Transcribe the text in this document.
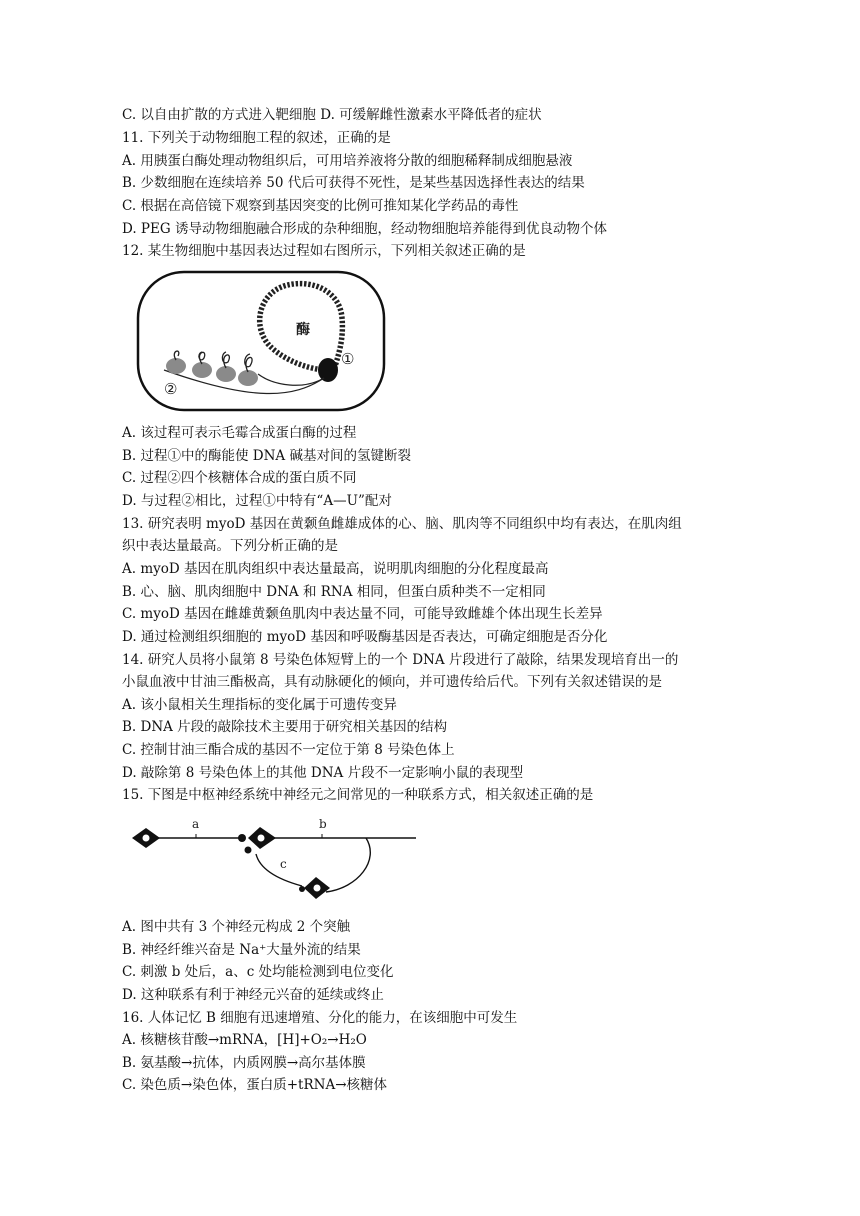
C. 以自由扩散的方式进入靶细胞 D. 可缓解雌性激素水平降低者的症状
11. 下列关于动物细胞工程的叙述，正确的是
A. 用胰蛋白酶处理动物组织后，可用培养液将分散的细胞稀释制成细胞悬液
B. 少数细胞在连续培养 50 代后可获得不死性，是某些基因选择性表达的结果
C. 根据在高倍镜下观察到基因突变的比例可推知某化学药品的毒性
D. PEG 诱导动物细胞融合形成的杂种细胞，经动物细胞培养能得到优良动物个体
12. 某生物细胞中基因表达过程如右图所示，下列相关叙述正确的是
酶
①
②
A. 该过程可表示毛霉合成蛋白酶的过程
B. 过程①中的酶能使 DNA 碱基对间的氢键断裂
C. 过程②四个核糖体合成的蛋白质不同
D. 与过程②相比，过程①中特有“A—U”配对
13. 研究表明 myoD 基因在黄颡鱼雌雄成体的心、脑、肌肉等不同组织中均有表达，在肌肉组
织中表达量最高。下列分析正确的是
A. myoD 基因在肌肉组织中表达量最高，说明肌肉细胞的分化程度最高
B. 心、脑、肌肉细胞中 DNA 和 RNA 相同，但蛋白质种类不一定相同
C. myoD 基因在雌雄黄颡鱼肌肉中表达量不同，可能导致雌雄个体出现生长差异
D. 通过检测组织细胞的 myoD 基因和呼吸酶基因是否表达，可确定细胞是否分化
14. 研究人员将小鼠第 8 号染色体短臂上的一个 DNA 片段进行了敲除，结果发现培育出一的
小鼠血液中甘油三酯极高，具有动脉硬化的倾向，并可遗传给后代。下列有关叙述错误的是
A. 该小鼠相关生理指标的变化属于可遗传变异
B. DNA 片段的敲除技术主要用于研究相关基因的结构
C. 控制甘油三酯合成的基因不一定位于第 8 号染色体上
D. 敲除第 8 号染色体上的其他 DNA 片段不一定影响小鼠的表现型
15. 下图是中枢神经系统中神经元之间常见的一种联系方式，相关叙述正确的是
a	b
c
A. 图中共有 3 个神经元构成 2 个突触
B. 神经纤维兴奋是 Na⁺大量外流的结果
C. 刺激 b 处后，a、c 处均能检测到电位变化
D. 这种联系有利于神经元兴奋的延续或终止
16. 人体记忆 B 细胞有迅速增殖、分化的能力，在该细胞中可发生
A. 核糖核苷酸→mRNA，[H]+O₂→H₂O
B. 氨基酸→抗体，内质网膜→高尔基体膜
C. 染色质→染色体，蛋白质+tRNA→核糖体
